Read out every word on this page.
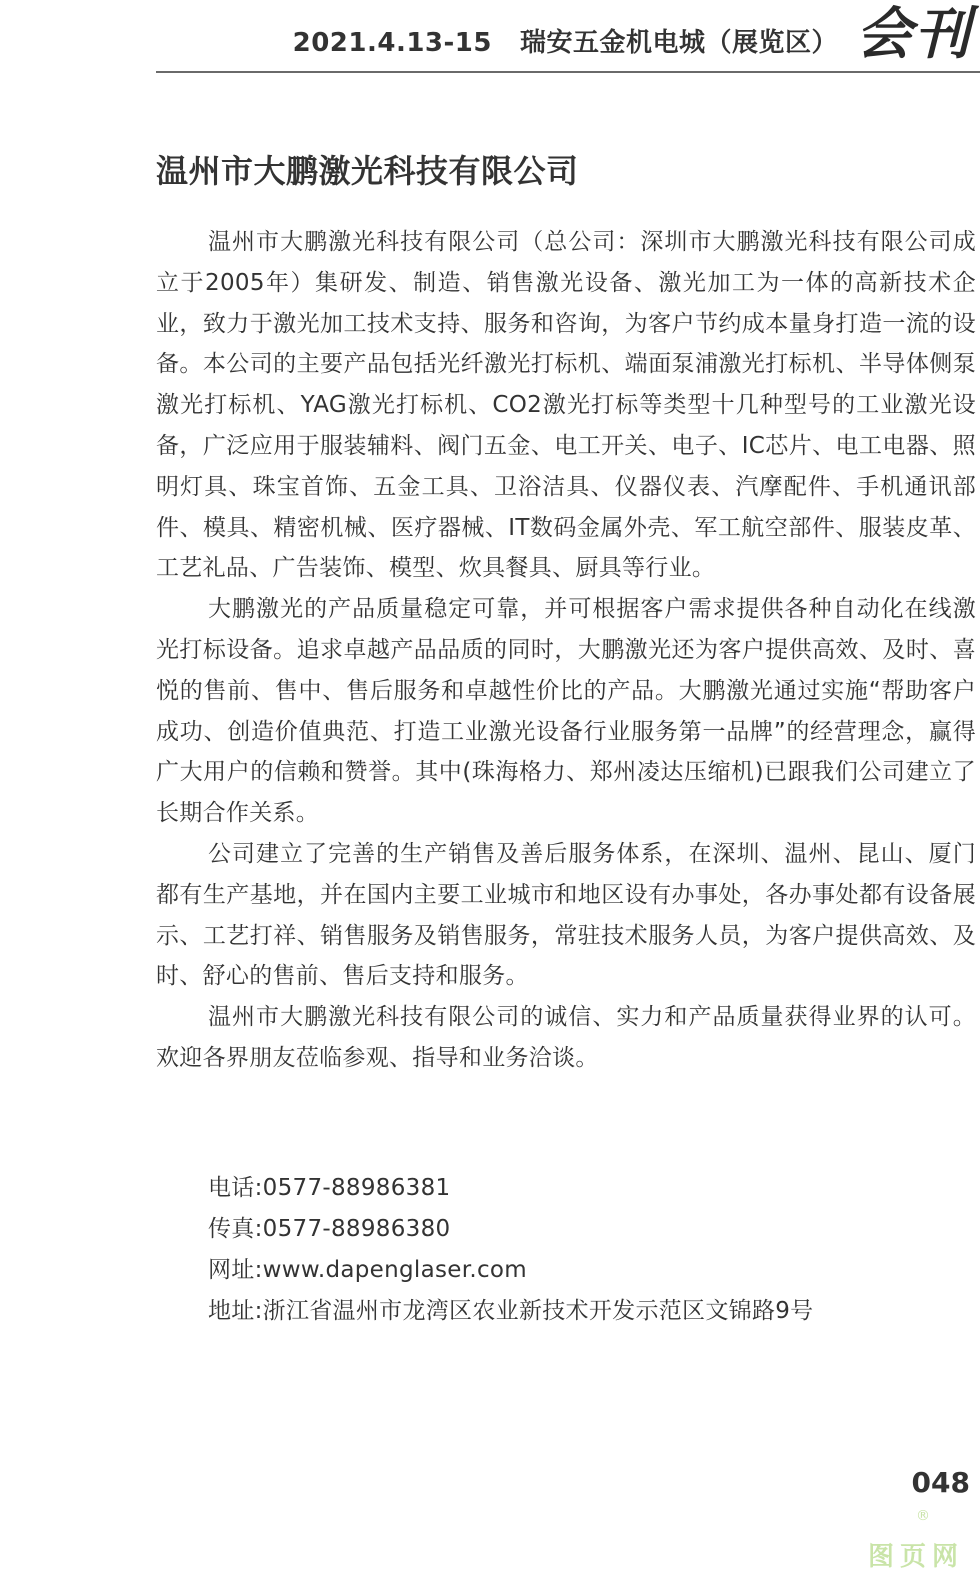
2021.4.13-15 瑞安五金机电城（展览区） 会刊
温州市大鹏激光科技有限公司

温州市大鹏激光科技有限公司（总公司：深圳市大鹏激光科技有限公司成立于2005年）集研发、制造、销售激光设备、激光加工为一体的高新技术企业，致力于激光加工技术支持、服务和咨询，为客户节约成本量身打造一流的设备。本公司的主要产品包括光纤激光打标机、端面泵浦激光打标机、半导体侧泵激光打标机、YAG激光打标机、CO2激光打标等类型十几种型号的工业激光设备，广泛应用于服装辅料、阀门五金、电工开关、电子、IC芯片、电工电器、照明灯具、珠宝首饰、五金工具、卫浴洁具、仪器仪表、汽摩配件、手机通讯部件、模具、精密机械、医疗器械、IT数码金属外壳、军工航空部件、服装皮革、工艺礼品、广告装饰、模型、炊具餐具、厨具等行业。

大鹏激光的产品质量稳定可靠，并可根据客户需求提供各种自动化在线激光打标设备。追求卓越产品品质的同时，大鹏激光还为客户提供高效、及时、喜悦的售前、售中、售后服务和卓越性价比的产品。大鹏激光通过实施“帮助客户成功、创造价值典范、打造工业激光设备行业服务第一品牌”的经营理念，赢得广大用户的信赖和赞誉。其中(珠海格力、郑州凌达压缩机)已跟我们公司建立了长期合作关系。

公司建立了完善的生产销售及善后服务体系，在深圳、温州、昆山、厦门都有生产基地，并在国内主要工业城市和地区设有办事处，各办事处都有设备展示、工艺打祥、销售服务及销售服务，常驻技术服务人员，为客户提供高效、及时、舒心的售前、售后支持和服务。

温州市大鹏激光科技有限公司的诚信、实力和产品质量获得业界的认可。欢迎各界朋友莅临参观、指导和业务洽谈。

电话:0577-88986381
传真:0577-88986380
网址:www.dapenglaser.com
地址:浙江省温州市龙湾区农业新技术开发示范区文锦路9号
048
®
图页网
